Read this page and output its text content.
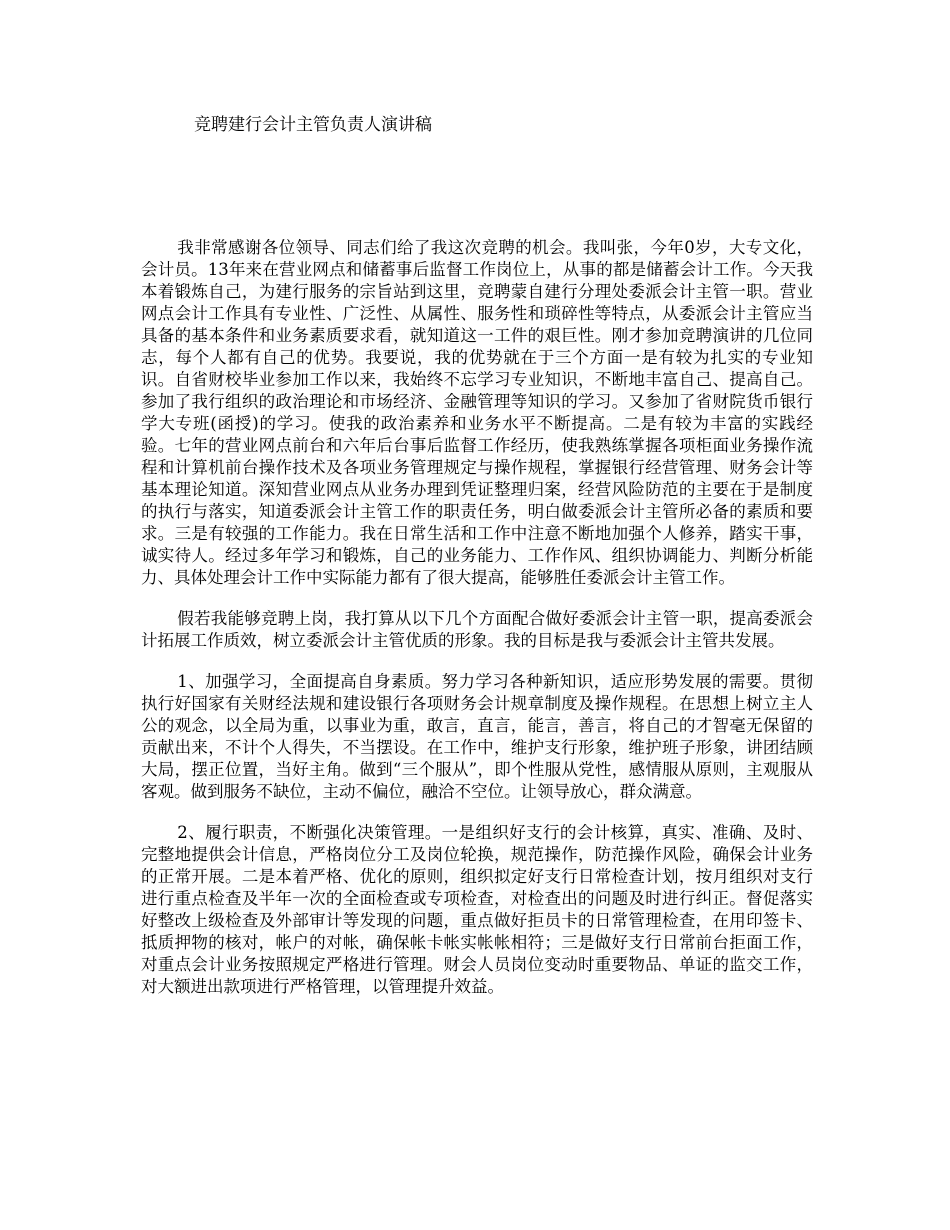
竞聘建行会计主管负责人演讲稿

我非常感谢各位领导、同志们给了我这次竞聘的机会。我叫张，今年0岁，大专文化，会计员。13年来在营业网点和储蓄事后监督工作岗位上，从事的都是储蓄会计工作。今天我本着锻炼自己，为建行服务的宗旨站到这里，竞聘蒙自建行分理处委派会计主管一职。营业网点会计工作具有专业性、广泛性、从属性、服务性和琐碎性等特点，从委派会计主管应当具备的基本条件和业务素质要求看，就知道这一工件的艰巨性。刚才参加竞聘演讲的几位同志，每个人都有自己的优势。我要说，我的优势就在于三个方面一是有较为扎实的专业知识。自省财校毕业参加工作以来，我始终不忘学习专业知识，不断地丰富自己、提高自己。参加了我行组织的政治理论和市场经济、金融管理等知识的学习。又参加了省财院货币银行学大专班(函授)的学习。使我的政治素养和业务水平不断提高。二是有较为丰富的实践经验。七年的营业网点前台和六年后台事后监督工作经历，使我熟练掌握各项柜面业务操作流程和计算机前台操作技术及各项业务管理规定与操作规程，掌握银行经营管理、财务会计等基本理论知道。深知营业网点从业务办理到凭证整理归案，经营风险防范的主要在于是制度的执行与落实，知道委派会计主管工作的职责任务，明白做委派会计主管所必备的素质和要求。三是有较强的工作能力。我在日常生活和工作中注意不断地加强个人修养，踏实干事，诚实待人。经过多年学习和锻炼，自己的业务能力、工作作风、组织协调能力、判断分析能力、具体处理会计工作中实际能力都有了很大提高，能够胜任委派会计主管工作。

假若我能够竞聘上岗，我打算从以下几个方面配合做好委派会计主管一职，提高委派会计拓展工作质效，树立委派会计主管优质的形象。我的目标是我与委派会计主管共发展。

1、加强学习，全面提高自身素质。努力学习各种新知识，适应形势发展的需要。贯彻执行好国家有关财经法规和建设银行各项财务会计规章制度及操作规程。在思想上树立主人公的观念，以全局为重，以事业为重，敢言，直言，能言，善言，将自己的才智毫无保留的贡献出来，不计个人得失，不当摆设。在工作中，维护支行形象，维护班子形象，讲团结顾大局，摆正位置，当好主角。做到“三个服从”，即个性服从党性，感情服从原则，主观服从客观。做到服务不缺位，主动不偏位，融洽不空位。让领导放心，群众满意。

2、履行职责，不断强化决策管理。一是组织好支行的会计核算，真实、准确、及时、完整地提供会计信息，严格岗位分工及岗位轮换，规范操作，防范操作风险，确保会计业务的正常开展。二是本着严格、优化的原则，组织拟定好支行日常检查计划，按月组织对支行进行重点检查及半年一次的全面检查或专项检查，对检查出的问题及时进行纠正。督促落实好整改上级检查及外部审计等发现的问题，重点做好拒员卡的日常管理检查，在用印签卡、抵质押物的核对，帐户的对帐，确保帐卡帐实帐帐相符；三是做好支行日常前台拒面工作，对重点会计业务按照规定严格进行管理。财会人员岗位变动时重要物品、单证的监交工作，对大额进出款项进行严格管理，以管理提升效益。
